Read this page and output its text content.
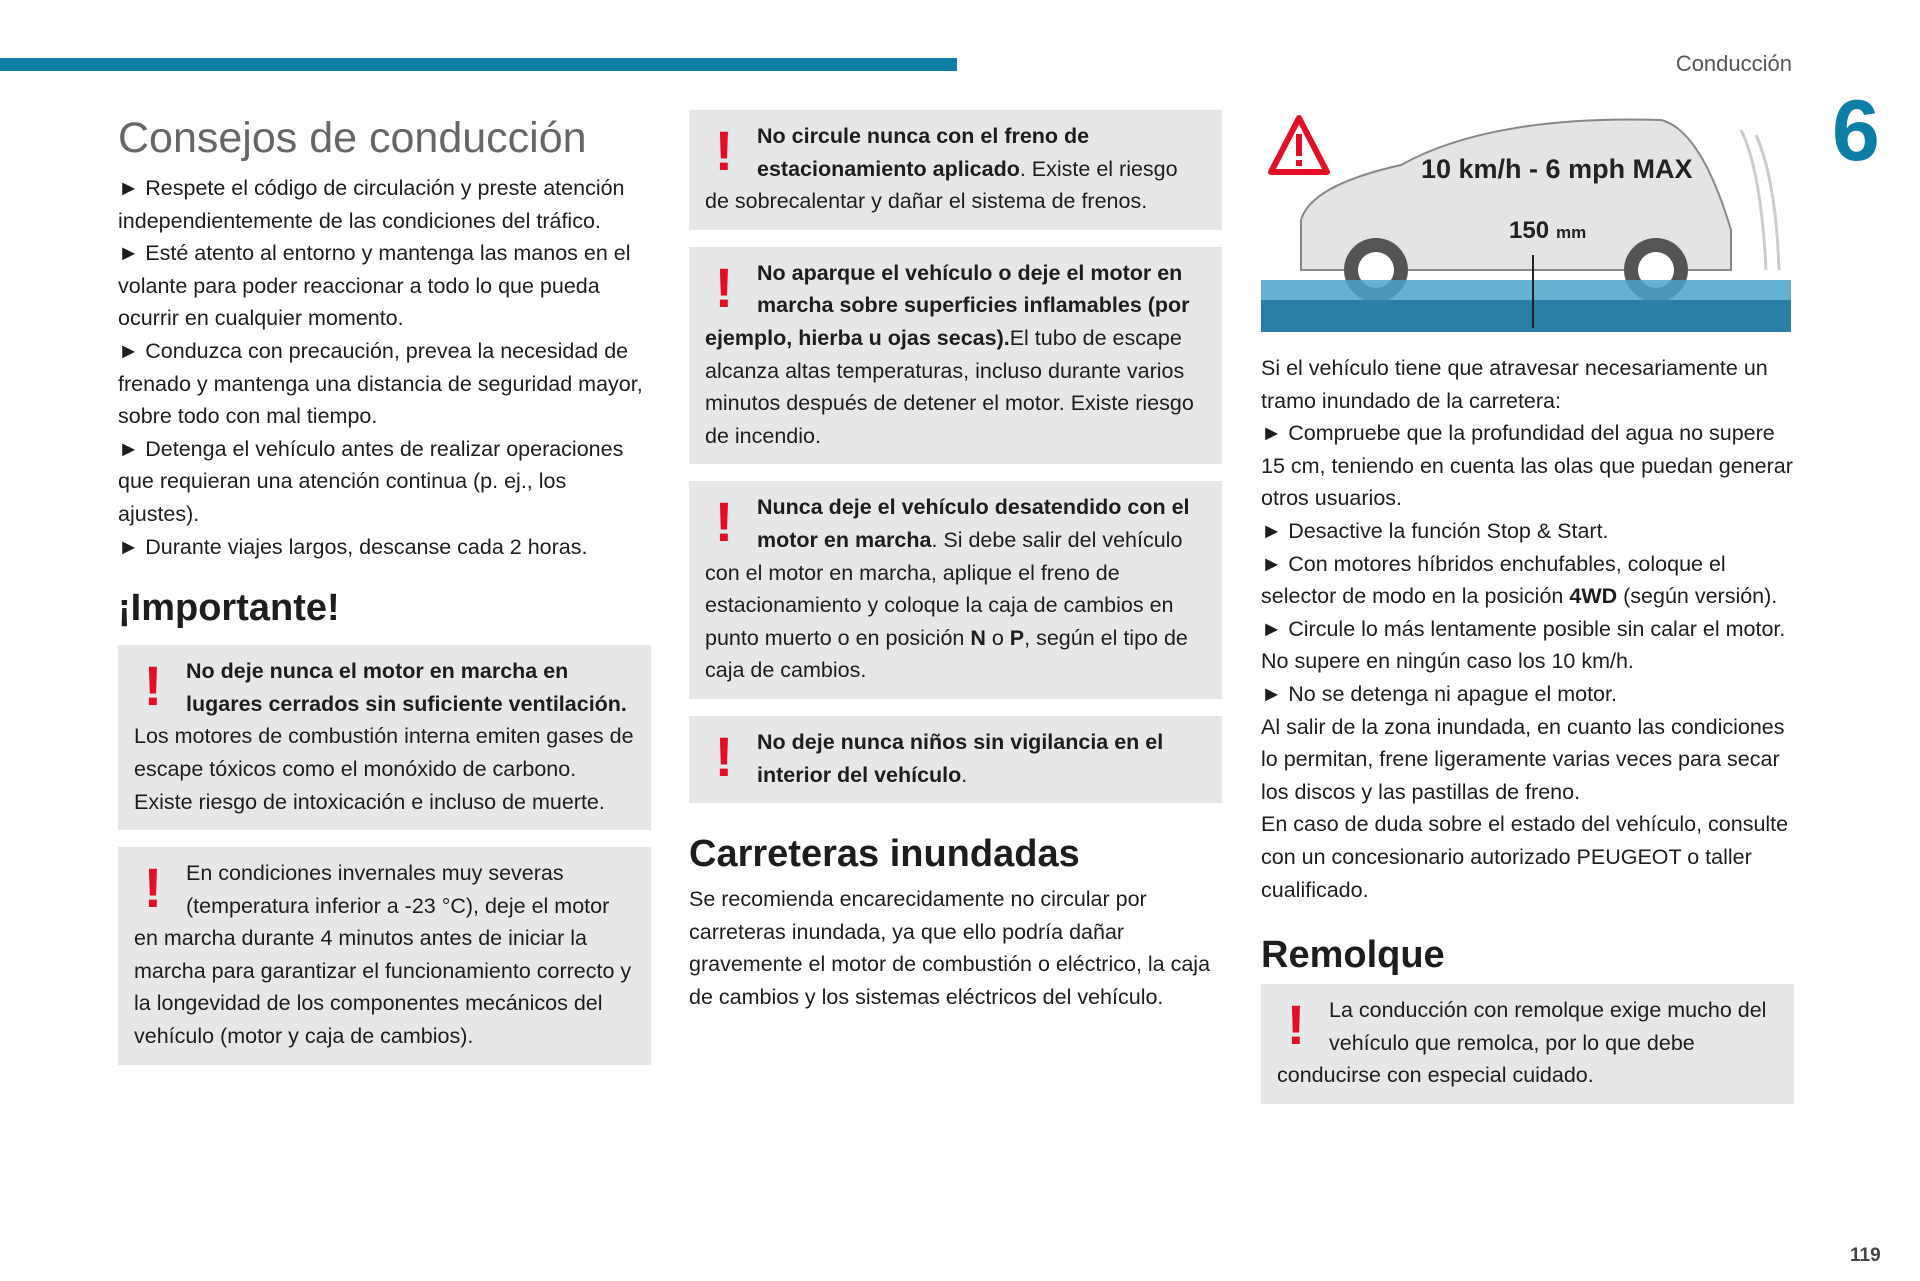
Conducción
6
119
Consejos de conducción
► Respete el código de circulación y preste atención independientemente de las condiciones del tráfico.
► Esté atento al entorno y mantenga las manos en el volante para poder reaccionar a todo lo que pueda ocurrir en cualquier momento.
► Conduzca con precaución, prevea la necesidad de frenado y mantenga una distancia de seguridad mayor, sobre todo con mal tiempo.
► Detenga el vehículo antes de realizar operaciones que requieran una atención continua (p. ej., los ajustes).
► Durante viajes largos, descanse cada 2 horas.
¡Importante!
!	No deje nunca el motor en marcha en lugares cerrados sin suficiente ventilación. Los motores de combustión interna emiten gases de escape tóxicos como el monóxido de carbono. Existe riesgo de intoxicación e incluso de muerte.
!	En condiciones invernales muy severas (temperatura inferior a -23 °C), deje el motor en marcha durante 4 minutos antes de iniciar la marcha para garantizar el funcionamiento correcto y la longevidad de los componentes mecánicos del vehículo (motor y caja de cambios).
!	No circule nunca con el freno de estacionamiento aplicado. Existe el riesgo de sobrecalentar y dañar el sistema de frenos.
!	No aparque el vehículo o deje el motor en marcha sobre superficies inflamables (por ejemplo, hierba u ojas secas).El tubo de escape alcanza altas temperaturas, incluso durante varios minutos después de detener el motor. Existe riesgo de incendio.
!	Nunca deje el vehículo desatendido con el motor en marcha. Si debe salir del vehículo con el motor en marcha, aplique el freno de estacionamiento y coloque la caja de cambios en punto muerto o en posición N o P, según el tipo de caja de cambios.
!	No deje nunca niños sin vigilancia en el interior del vehículo.
Carreteras inundadas
Se recomienda encarecidamente no circular por carreteras inundada, ya que ello podría dañar gravemente el motor de combustión o eléctrico, la caja de cambios y los sistemas eléctricos del vehículo.
10 km/h - 6 mph MAX
150 mm
Si el vehículo tiene que atravesar necesariamente un tramo inundado de la carretera:
► Compruebe que la profundidad del agua no supere 15 cm, teniendo en cuenta las olas que puedan generar otros usuarios.
► Desactive la función Stop & Start.
► Con motores híbridos enchufables, coloque el selector de modo en la posición 4WD (según versión).
► Circule lo más lentamente posible sin calar el motor. No supere en ningún caso los 10 km/h.
► No se detenga ni apague el motor.
Al salir de la zona inundada, en cuanto las condiciones lo permitan, frene ligeramente varias veces para secar los discos y las pastillas de freno.
En caso de duda sobre el estado del vehículo, consulte con un concesionario autorizado PEUGEOT o taller cualificado.
Remolque
!	La conducción con remolque exige mucho del vehículo que remolca, por lo que debe conducirse con especial cuidado.
